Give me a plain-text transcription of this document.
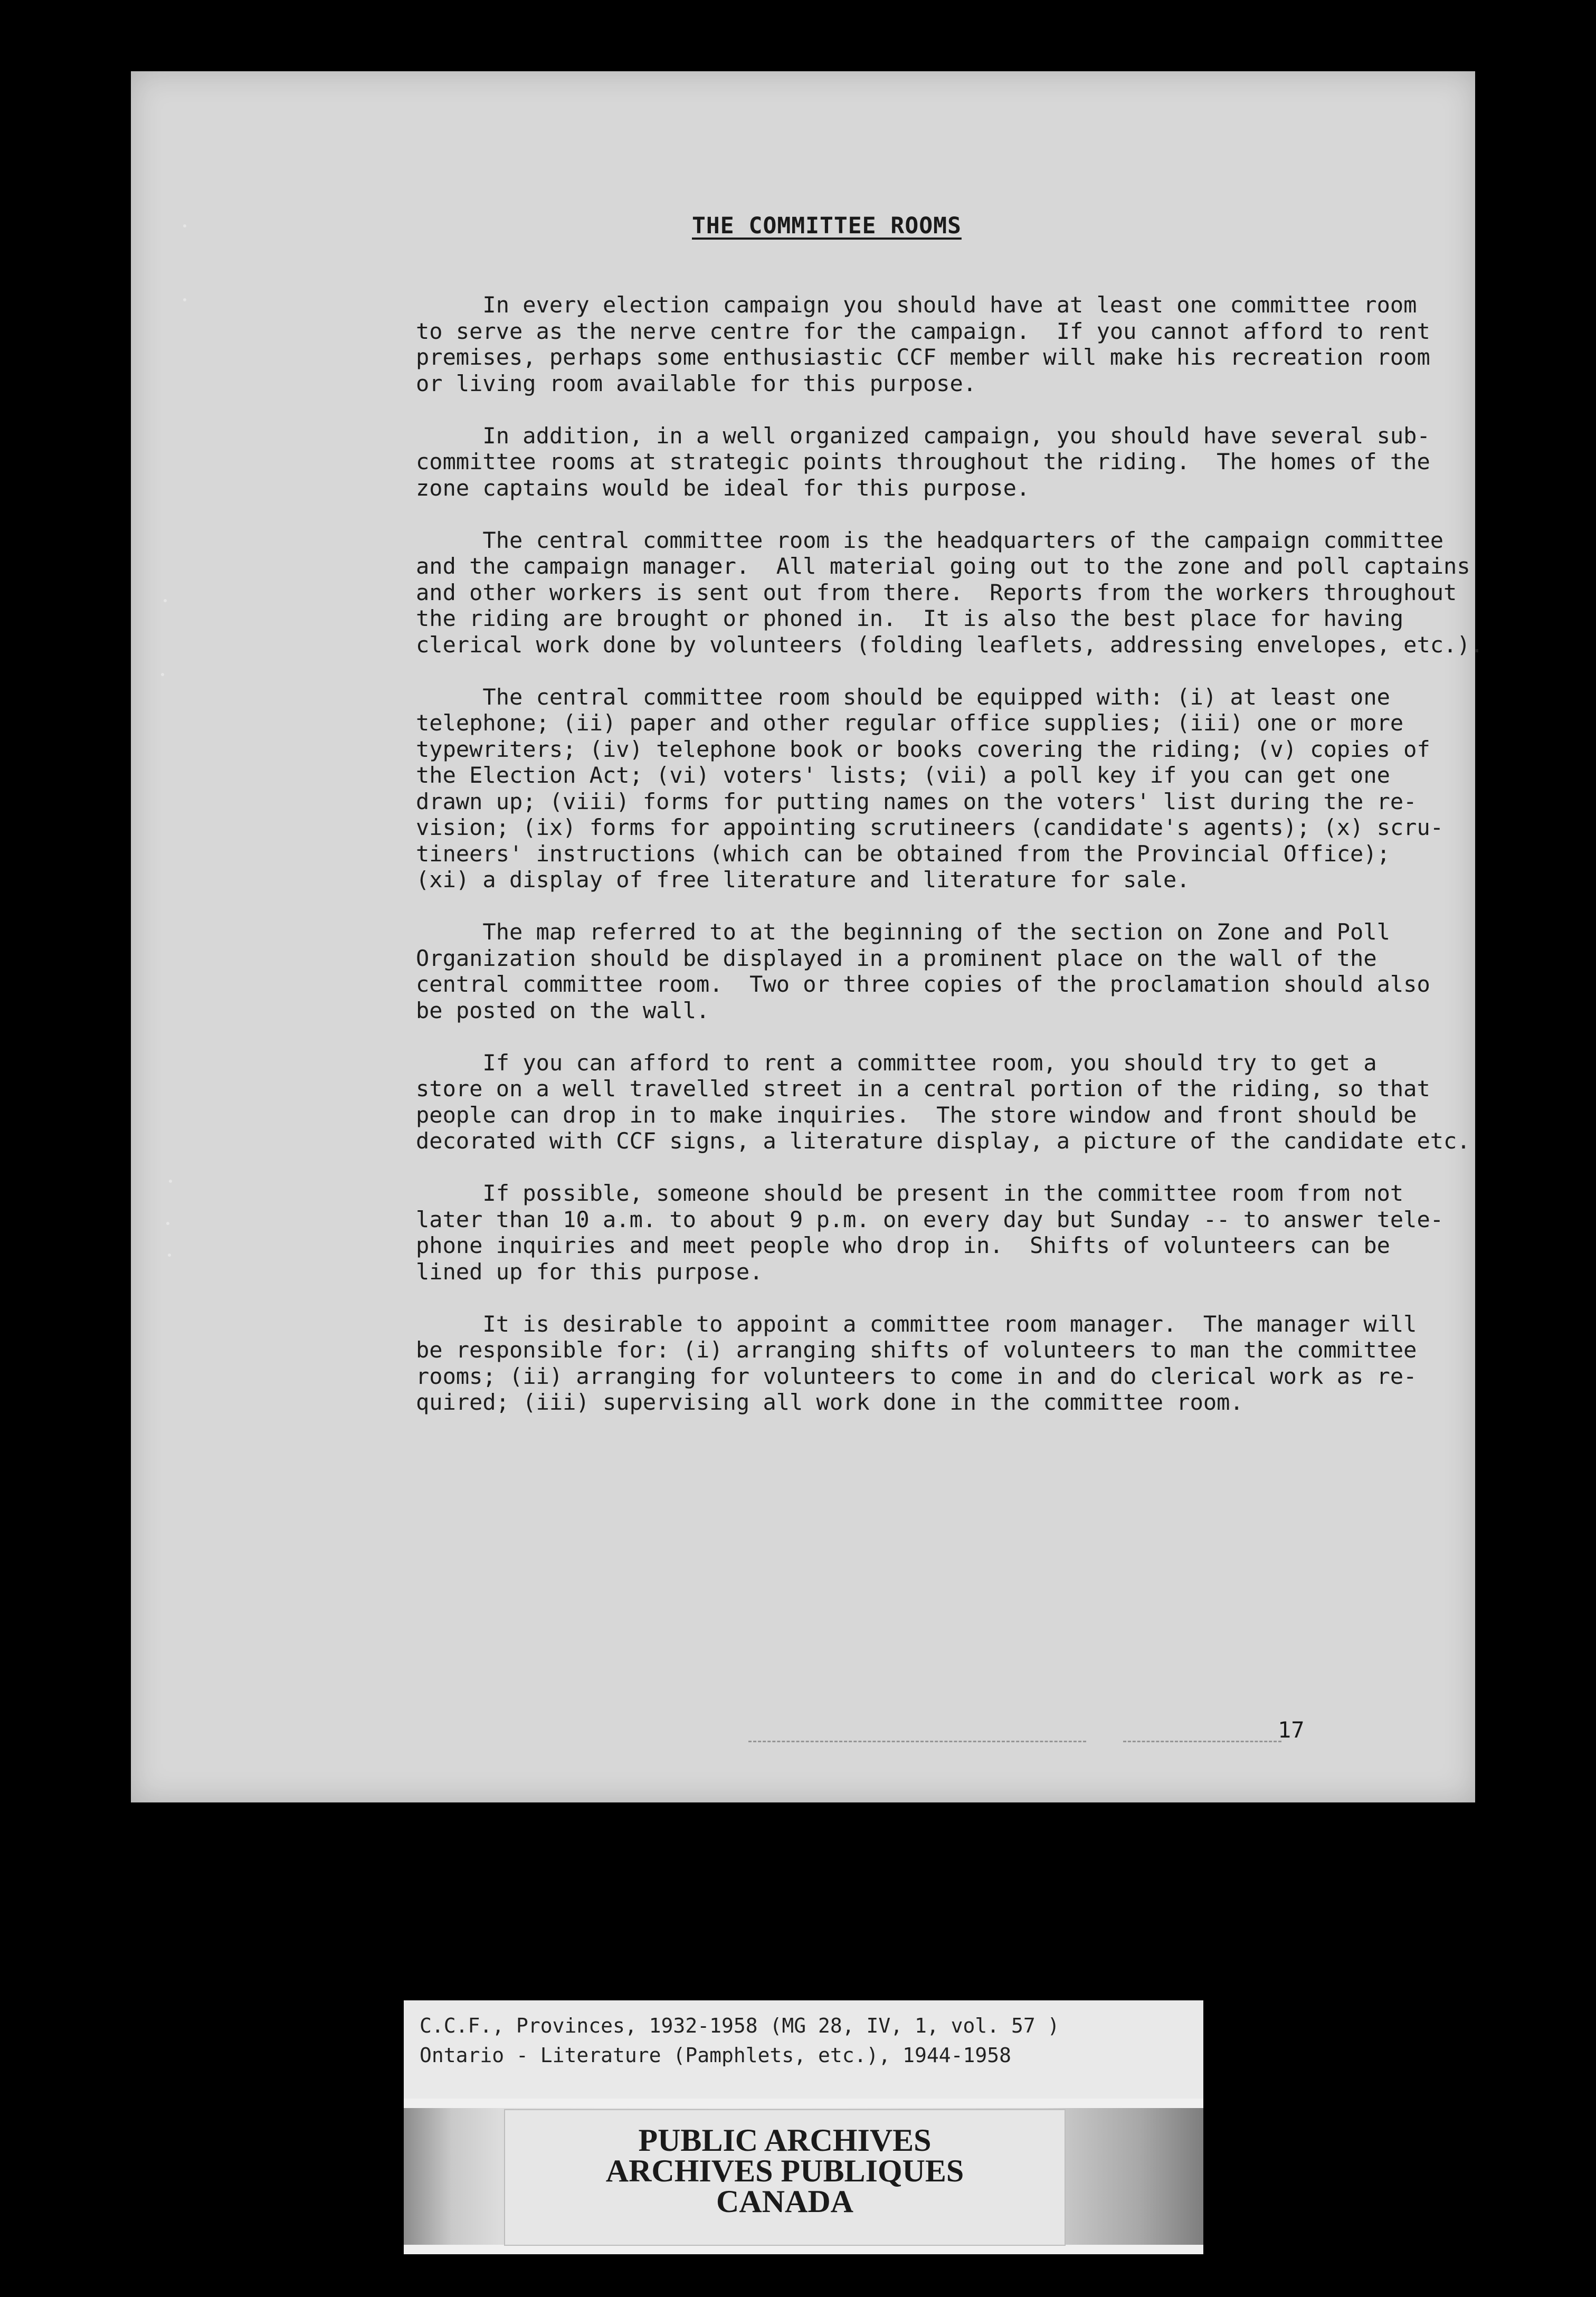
THE COMMITTEE ROOMS

In every election campaign you should have at least one committee room
to serve as the nerve centre for the campaign.  If you cannot afford to rent
premises, perhaps some enthusiastic CCF member will make his recreation room
or living room available for this purpose.

In addition, in a well organized campaign, you should have several sub-
committee rooms at strategic points throughout the riding.  The homes of the
zone captains would be ideal for this purpose.

The central committee room is the headquarters of the campaign committee
and the campaign manager.  All material going out to the zone and poll captains
and other workers is sent out from there.  Reports from the workers throughout
the riding are brought or phoned in.  It is also the best place for having
clerical work done by volunteers (folding leaflets, addressing envelopes, etc.).

The central committee room should be equipped with: (i) at least one
telephone; (ii) paper and other regular office supplies; (iii) one or more
typewriters; (iv) telephone book or books covering the riding; (v) copies of
the Election Act; (vi) voters' lists; (vii) a poll key if you can get one
drawn up; (viii) forms for putting names on the voters' list during the re-
vision; (ix) forms for appointing scrutineers (candidate's agents); (x) scru-
tineers' instructions (which can be obtained from the Provincial Office);
(xi) a display of free literature and literature for sale.

The map referred to at the beginning of the section on Zone and Poll
Organization should be displayed in a prominent place on the wall of the
central committee room.  Two or three copies of the proclamation should also
be posted on the wall.

If you can afford to rent a committee room, you should try to get a
store on a well travelled street in a central portion of the riding, so that
people can drop in to make inquiries.  The store window and front should be
decorated with CCF signs, a literature display, a picture of the candidate etc.

If possible, someone should be present in the committee room from not
later than 10 a.m. to about 9 p.m. on every day but Sunday -- to answer tele-
phone inquiries and meet people who drop in.  Shifts of volunteers can be
lined up for this purpose.

It is desirable to appoint a committee room manager.  The manager will
be responsible for: (i) arranging shifts of volunteers to man the committee
rooms; (ii) arranging for volunteers to come in and do clerical work as re-
quired; (iii) supervising all work done in the committee room.

17
C.C.F., Provinces, 1932-1958 (MG 28, IV, 1, vol. 57 )
Ontario - Literature (Pamphlets, etc.), 1944-1958
PUBLIC ARCHIVES
ARCHIVES PUBLIQUES
CANADA
